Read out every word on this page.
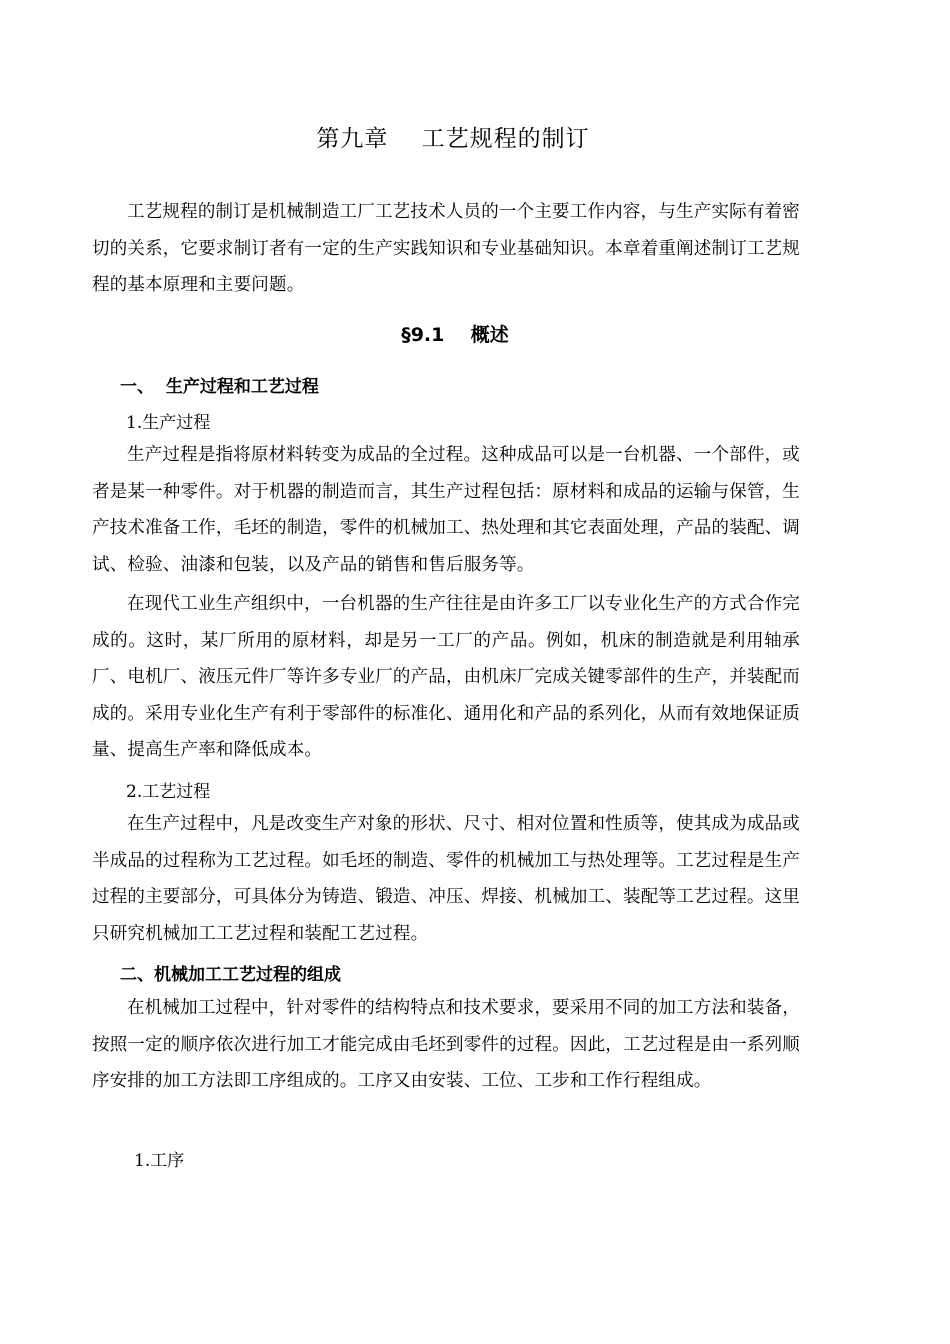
第九章    工艺规程的制订
工艺规程的制订是机械制造工厂工艺技术人员的一个主要工作内容，与生产实际有着密切的关系，它要求制订者有一定的生产实践知识和专业基础知识。本章着重阐述制订工艺规程的基本原理和主要问题。
§9.1    概述
一、  生产过程和工艺过程
1.生产过程
生产过程是指将原材料转变为成品的全过程。这种成品可以是一台机器、一个部件，或者是某一种零件。对于机器的制造而言，其生产过程包括：原材料和成品的运输与保管，生产技术准备工作，毛坯的制造，零件的机械加工、热处理和其它表面处理，产品的装配、调试、检验、油漆和包装，以及产品的销售和售后服务等。
在现代工业生产组织中，一台机器的生产往往是由许多工厂以专业化生产的方式合作完成的。这时，某厂所用的原材料，却是另一工厂的产品。例如，机床的制造就是利用轴承厂、电机厂、液压元件厂等许多专业厂的产品，由机床厂完成关键零部件的生产，并装配而成的。采用专业化生产有利于零部件的标准化、通用化和产品的系列化，从而有效地保证质量、提高生产率和降低成本。
2.工艺过程
在生产过程中，凡是改变生产对象的形状、尺寸、相对位置和性质等，使其成为成品或半成品的过程称为工艺过程。如毛坯的制造、零件的机械加工与热处理等。工艺过程是生产过程的主要部分，可具体分为铸造、锻造、冲压、焊接、机械加工、装配等工艺过程。这里只研究机械加工工艺过程和装配工艺过程。
二、机械加工工艺过程的组成
在机械加工过程中，针对零件的结构特点和技术要求，要采用不同的加工方法和装备，按照一定的顺序依次进行加工才能完成由毛坯到零件的过程。因此，工艺过程是由一系列顺序安排的加工方法即工序组成的。工序又由安装、工位、工步和工作行程组成。
1.工序
